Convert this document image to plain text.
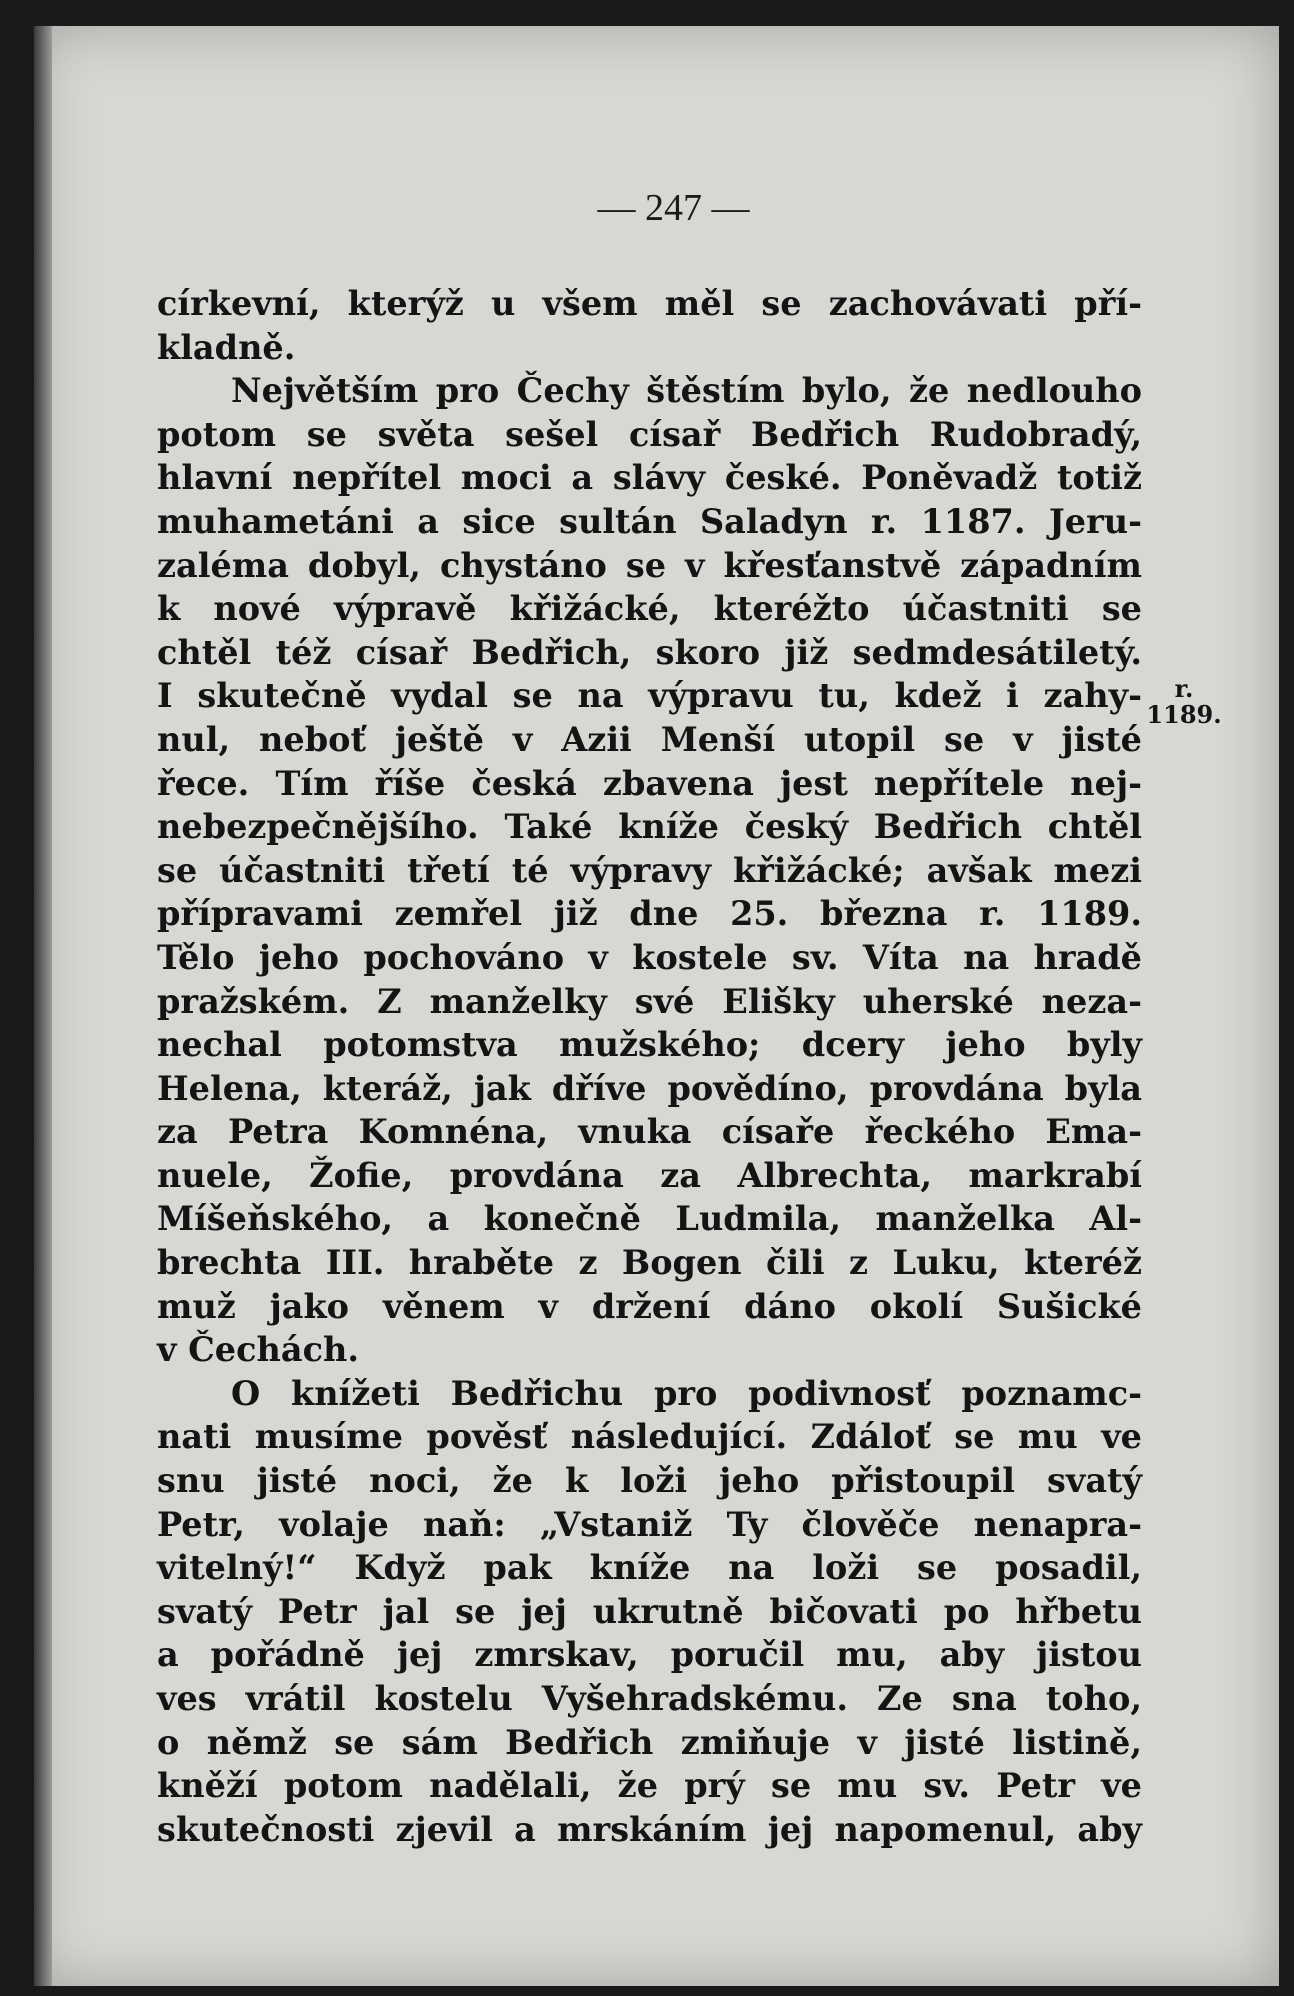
— 247 —
církevní, kterýž u všem měl se zachovávati pří-
kladně.
Největším pro Čechy štěstím bylo, že nedlouho
potom se světa sešel císař Bedřich Rudobradý,
hlavní nepřítel moci a slávy české. Poněvadž totiž
muhametáni a sice sultán Saladyn r. 1187. Jeru-
zaléma dobyl, chystáno se v křesťanstvě západním
k nové výpravě křižácké, kteréžto účastniti se
chtěl též císař Bedřich, skoro již sedmdesátiletý.
I skutečně vydal se na výpravu tu, kdež i zahy-
nul, neboť ještě v Azii Menší utopil se v jisté
řece. Tím říše česká zbavena jest nepřítele nej-
nebezpečnějšího. Také kníže český Bedřich chtěl
se účastniti třetí té výpravy křižácké; avšak mezi
přípravami zemřel již dne 25. března r. 1189.
Tělo jeho pochováno v kostele sv. Víta na hradě
pražském. Z manželky své Elišky uherské neza-
nechal potomstva mužského; dcery jeho byly
Helena, kteráž, jak dříve povědíno, provdána byla
za Petra Komnéna, vnuka císaře řeckého Ema-
nuele, Žofie, provdána za Albrechta, markrabí
Míšeňského, a konečně Ludmila, manželka Al-
brechta III. hraběte z Bogen čili z Luku, kteréž
muž jako věnem v držení dáno okolí Sušické
v Čechách.
O knížeti Bedřichu pro podivnosť poznamc-
nati musíme pověsť následující. Zdáloť se mu ve
snu jisté noci, že k loži jeho přistoupil svatý
Petr, volaje naň: „Vstaniž Ty člověče nenapra-
vitelný!“ Když pak kníže na loži se posadil,
svatý Petr jal se jej ukrutně bičovati po hřbetu
a pořádně jej zmrskav, poručil mu, aby jistou
ves vrátil kostelu Vyšehradskému. Ze sna toho,
o němž se sám Bedřich zmiňuje v jisté listině,
kněží potom nadělali, že prý se mu sv. Petr ve
skutečnosti zjevil a mrskáním jej napomenul, aby
r.
1189.
